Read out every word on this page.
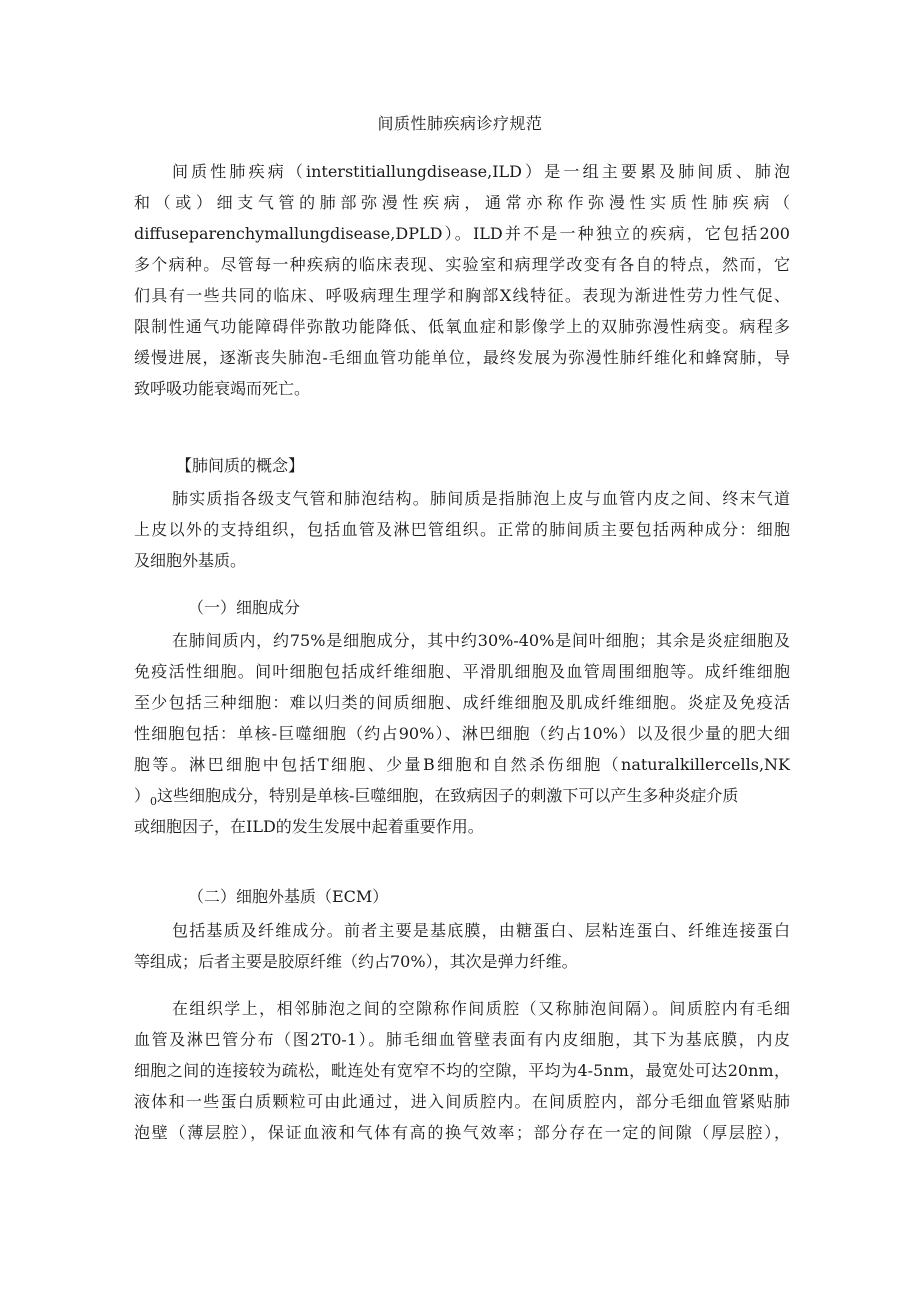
间质性肺疾病诊疗规范
间质性肺疾病（interstitiallungdisease,ILD）是一组主要累及肺间质、肺泡
和（或）细支气管的肺部弥漫性疾病，通常亦称作弥漫性实质性肺疾病（
diffuseparenchymallungdisease,DPLD）。ILD并不是一种独立的疾病，它包括200
多个病种。尽管每一种疾病的临床表现、实验室和病理学改变有各自的特点，然而，它
们具有一些共同的临床、呼吸病理生理学和胸部X线特征。表现为渐进性劳力性气促、
限制性通气功能障碍伴弥散功能降低、低氧血症和影像学上的双肺弥漫性病变。病程多
缓慢进展，逐渐丧失肺泡-毛细血管功能单位，最终发展为弥漫性肺纤维化和蜂窝肺，导
致呼吸功能衰竭而死亡。
【肺间质的概念】
肺实质指各级支气管和肺泡结构。肺间质是指肺泡上皮与血管内皮之间、终末气道
上皮以外的支持组织，包括血管及淋巴管组织。正常的肺间质主要包括两种成分：细胞
及细胞外基质。
（一）细胞成分
在肺间质内，约75%是细胞成分，其中约30%-40%是间叶细胞；其余是炎症细胞及
免疫活性细胞。间叶细胞包括成纤维细胞、平滑肌细胞及血管周围细胞等。成纤维细胞
至少包括三种细胞：难以归类的间质细胞、成纤维细胞及肌成纤维细胞。炎症及免疫活
性细胞包括：单核-巨噬细胞（约占90%）、淋巴细胞（约占10%）以及很少量的肥大细
胞等。淋巴细胞中包括T细胞、少量B细胞和自然杀伤细胞（naturalkillercells,NK
）$_0$这些细胞成分，特别是单核-巨噬细胞，在致病因子的刺激下可以产生多种炎症介质
或细胞因子，在ILD的发生发展中起着重要作用。
（二）细胞外基质（ECM）
包括基质及纤维成分。前者主要是基底膜，由糖蛋白、层粘连蛋白、纤维连接蛋白
等组成；后者主要是胶原纤维（约占70%），其次是弹力纤维。
在组织学上，相邻肺泡之间的空隙称作间质腔（又称肺泡间隔）。间质腔内有毛细
血管及淋巴管分布（图2T0-1）。肺毛细血管壁表面有内皮细胞，其下为基底膜，内皮
细胞之间的连接较为疏松，毗连处有宽窄不均的空隙，平均为4-5nm，最宽处可达20nm，
液体和一些蛋白质颗粒可由此通过，进入间质腔内。在间质腔内，部分毛细血管紧贴肺
泡壁（薄层腔），保证血液和气体有高的换气效率；部分存在一定的间隙（厚层腔），
